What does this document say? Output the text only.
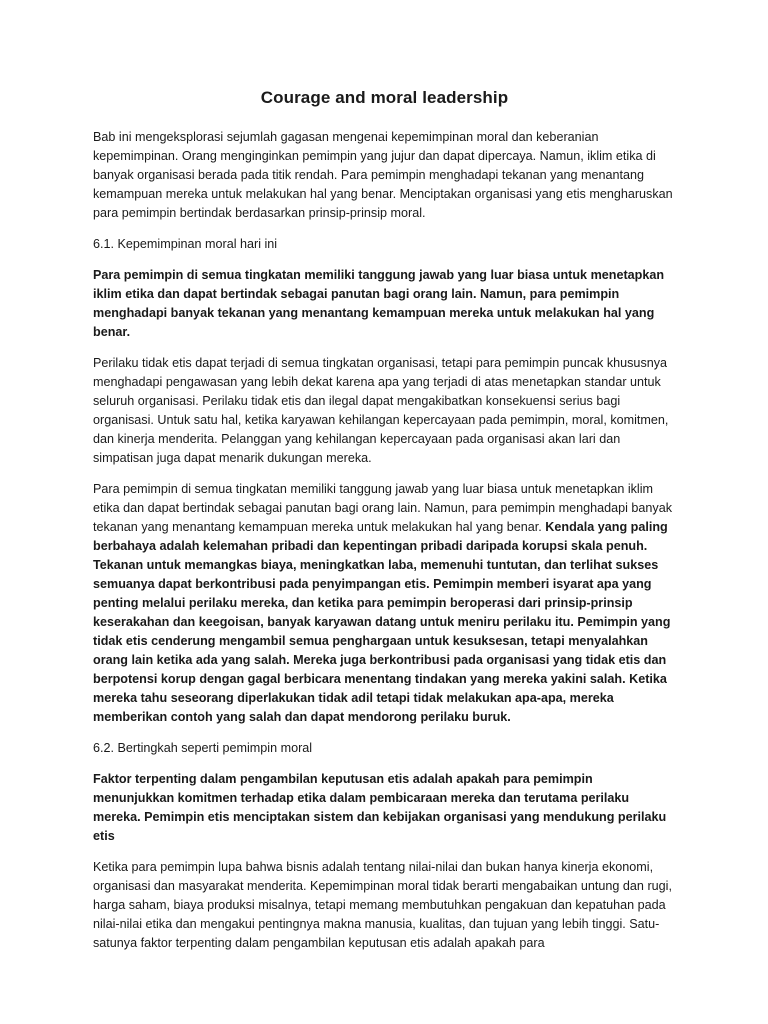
Courage and moral leadership

Bab ini mengeksplorasi sejumlah gagasan mengenai kepemimpinan moral dan keberanian kepemimpinan. Orang menginginkan pemimpin yang jujur dan dapat dipercaya. Namun, iklim etika di banyak organisasi berada pada titik rendah. Para pemimpin menghadapi tekanan yang menantang kemampuan mereka untuk melakukan hal yang benar. Menciptakan organisasi yang etis mengharuskan para pemimpin bertindak berdasarkan prinsip-prinsip moral.

6.1. Kepemimpinan moral hari ini

Para pemimpin di semua tingkatan memiliki tanggung jawab yang luar biasa untuk menetapkan iklim etika dan dapat bertindak sebagai panutan bagi orang lain. Namun, para pemimpin menghadapi banyak tekanan yang menantang kemampuan mereka untuk melakukan hal yang benar.

Perilaku tidak etis dapat terjadi di semua tingkatan organisasi, tetapi para pemimpin puncak khususnya menghadapi pengawasan yang lebih dekat karena apa yang terjadi di atas menetapkan standar untuk seluruh organisasi. Perilaku tidak etis dan ilegal dapat mengakibatkan konsekuensi serius bagi organisasi. Untuk satu hal, ketika karyawan kehilangan kepercayaan pada pemimpin, moral, komitmen, dan kinerja menderita. Pelanggan yang kehilangan kepercayaan pada organisasi akan lari dan simpatisan juga dapat menarik dukungan mereka.

Para pemimpin di semua tingkatan memiliki tanggung jawab yang luar biasa untuk menetapkan iklim etika dan dapat bertindak sebagai panutan bagi orang lain. Namun, para pemimpin menghadapi banyak tekanan yang menantang kemampuan mereka untuk melakukan hal yang benar. Kendala yang paling berbahaya adalah kelemahan pribadi dan kepentingan pribadi daripada korupsi skala penuh. Tekanan untuk memangkas biaya, meningkatkan laba, memenuhi tuntutan, dan terlihat sukses semuanya dapat berkontribusi pada penyimpangan etis. Pemimpin memberi isyarat apa yang penting melalui perilaku mereka, dan ketika para pemimpin beroperasi dari prinsip-prinsip keserakahan dan keegoisan, banyak karyawan datang untuk meniru perilaku itu. Pemimpin yang tidak etis cenderung mengambil semua penghargaan untuk kesuksesan, tetapi menyalahkan orang lain ketika ada yang salah. Mereka juga berkontribusi pada organisasi yang tidak etis dan berpotensi korup dengan gagal berbicara menentang tindakan yang mereka yakini salah. Ketika mereka tahu seseorang diperlakukan tidak adil tetapi tidak melakukan apa-apa, mereka memberikan contoh yang salah dan dapat mendorong perilaku buruk.

6.2. Bertingkah seperti pemimpin moral

Faktor terpenting dalam pengambilan keputusan etis adalah apakah para pemimpin menunjukkan komitmen terhadap etika dalam pembicaraan mereka dan terutama perilaku mereka. Pemimpin etis menciptakan sistem dan kebijakan organisasi yang mendukung perilaku etis

Ketika para pemimpin lupa bahwa bisnis adalah tentang nilai-nilai dan bukan hanya kinerja ekonomi, organisasi dan masyarakat menderita. Kepemimpinan moral tidak berarti mengabaikan untung dan rugi, harga saham, biaya produksi misalnya, tetapi memang membutuhkan pengakuan dan kepatuhan pada nilai-nilai etika dan mengakui pentingnya makna manusia, kualitas, dan tujuan yang lebih tinggi. Satu-satunya faktor terpenting dalam pengambilan keputusan etis adalah apakah para
